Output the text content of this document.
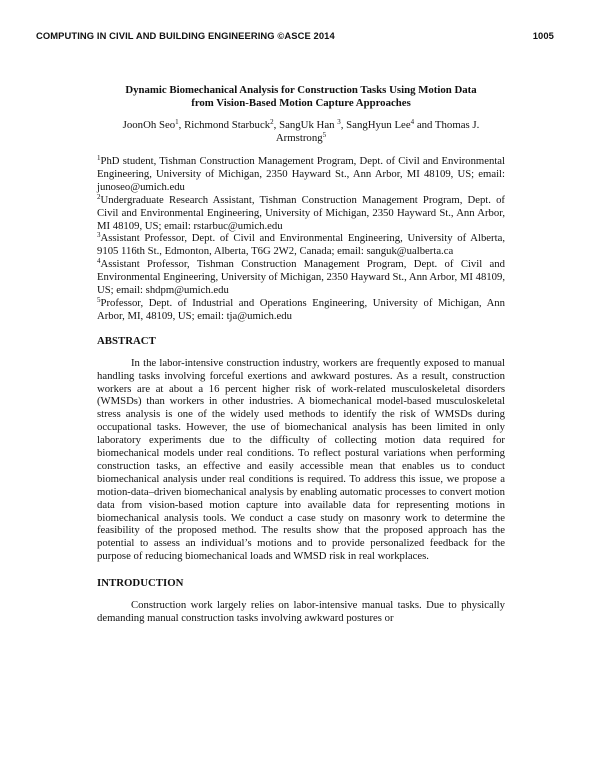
COMPUTING IN CIVIL AND BUILDING ENGINEERING ©ASCE 2014	1005
Dynamic Biomechanical Analysis for Construction Tasks Using Motion Data
from Vision-Based Motion Capture Approaches
JoonOh Seo$^1$, Richmond Starbuck$^2$, SangUk Han $^3$, SangHyun Lee$^4$ and Thomas J. Armstrong$^5$
$^1$PhD student, Tishman Construction Management Program, Dept. of Civil and Environmental Engineering, University of Michigan, 2350 Hayward St., Ann Arbor, MI 48109, US; email: junoseo@umich.edu
$^2$Undergraduate Research Assistant, Tishman Construction Management Program, Dept. of Civil and Environmental Engineering, University of Michigan, 2350 Hayward St., Ann Arbor, MI 48109, US; email: rstarbuc@umich.edu
$^3$Assistant Professor, Dept. of Civil and Environmental Engineering, University of Alberta, 9105 116th St., Edmonton, Alberta, T6G 2W2, Canada; email: sanguk@ualberta.ca
$^4$Assistant Professor, Tishman Construction Management Program, Dept. of Civil and Environmental Engineering, University of Michigan, 2350 Hayward St., Ann Arbor, MI 48109, US; email: shdpm@umich.edu
$^5$Professor, Dept. of Industrial and Operations Engineering, University of Michigan, Ann Arbor, MI, 48109, US; email: tja@umich.edu
ABSTRACT
In the labor-intensive construction industry, workers are frequently exposed to manual handling tasks involving forceful exertions and awkward postures. As a result, construction workers are at about a 16 percent higher risk of work-related musculoskeletal disorders (WMSDs) than workers in other industries. A biomechanical model-based musculoskeletal stress analysis is one of the widely used methods to identify the risk of WMSDs during occupational tasks. However, the use of biomechanical analysis has been limited in only laboratory experiments due to the difficulty of collecting motion data required for biomechanical models under real conditions. To reflect postural variations when performing construction tasks, an effective and easily accessible mean that enables us to conduct biomechanical analysis under real conditions is required. To address this issue, we propose a motion-data–driven biomechanical analysis by enabling automatic processes to convert motion data from vision-based motion capture into available data for representing motions in biomechanical analysis tools. We conduct a case study on masonry work to determine the feasibility of the proposed method. The results show that the proposed approach has the potential to assess an individual’s motions and to provide personalized feedback for the purpose of reducing biomechanical loads and WMSD risk in real workplaces.
INTRODUCTION
Construction work largely relies on labor-intensive manual tasks. Due to physically demanding manual construction tasks involving awkward postures or
